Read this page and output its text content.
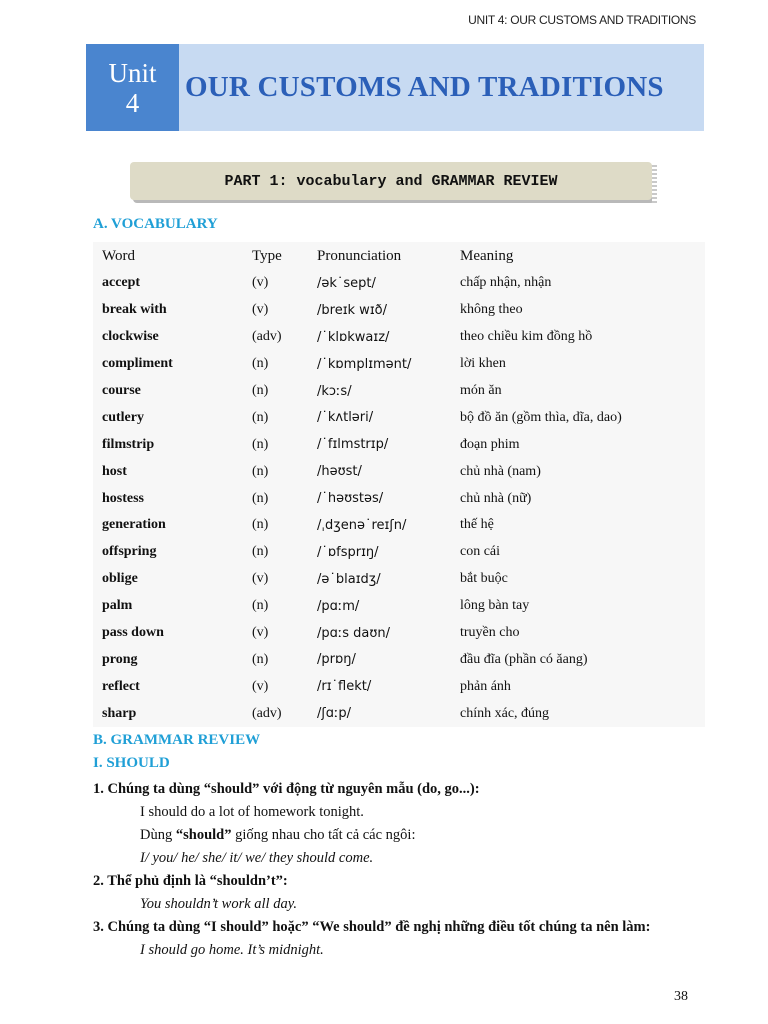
UNIT 4: OUR CUSTOMS AND TRADITIONS
Unit
4 OUR CUSTOMS AND TRADITIONS
PART 1: vocabulary and GRAMMAR REVIEW
A. VOCABULARY
Word	Type	Pronunciation	Meaning
accept	(v)	/ək˙sept/	chấp nhận, nhận
break with	(v)	/breɪk wɪð/	không theo
clockwise	(adv)	/˙klɒkwaɪz/	theo chiều kim đồng hồ
compliment	(n)	/˙kɒmplɪmənt/	lời khen
course	(n)	/kɔːs/	món ăn
cutlery	(n)	/˙kʌtləri/	bộ đồ ăn (gồm thìa, dĩa, dao)
filmstrip	(n)	/˙fɪlmstrɪp/	đoạn phim
host	(n)	/həʊst/	chủ nhà (nam)
hostess	(n)	/˙həʊstəs/	chủ nhà (nữ)
generation	(n)	/ˌdʒenə˙reɪʃn/	thế hệ
offspring	(n)	/˙ɒfsprɪŋ/	con cái
oblige	(v)	/ə˙blaɪdʒ/	bắt buộc
palm	(n)	/pɑːm/	lông bàn tay
pass down	(v)	/pɑːs daʊn/	truyền cho
prong	(n)	/prɒŋ/	đầu đĩa (phần có ăang)
reflect	(v)	/rɪ˙flekt/	phản ánh
sharp	(adv)	/ʃɑːp/	chính xác, đúng
B. GRAMMAR REVIEW
I. SHOULD
1. Chúng ta dùng “should” với động từ nguyên mẫu (do, go...):
I should do a lot of homework tonight.
Dùng “should” giống nhau cho tất cả các ngôi:
I/ you/ he/ she/ it/ we/ they should come.
2. Thể phủ định là “shouldn’t”:
You shouldn’t work all day.
3. Chúng ta dùng “I should” hoặc” “We should” đề nghị những điều tốt chúng ta nên làm:
I should go home. It’s midnight.
38
